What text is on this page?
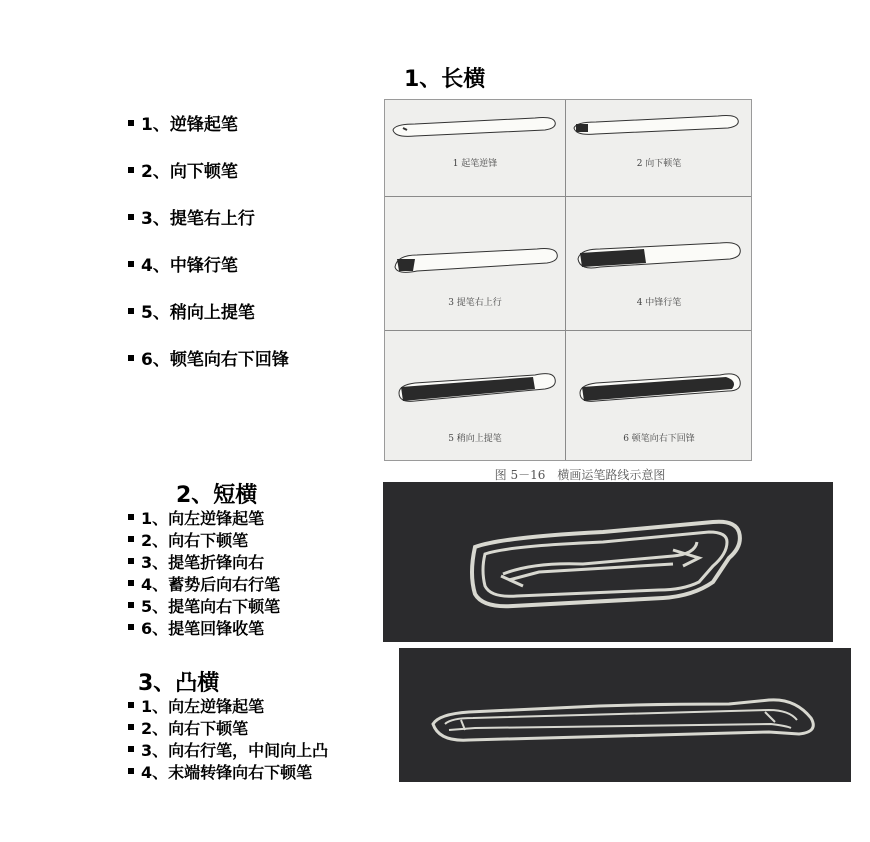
1、长横
1、逆锋起笔
2、向下顿笔
3、提笔右上行
4、中锋行笔
5、稍向上提笔
6、顿笔向右下回锋
1 起笔逆锋	2 向下顿笔
3 提笔右上行	4 中锋行笔
5 稍向上提笔	6 顿笔向右下回锋
图 5－16　横画运笔路线示意图
2、短横
1、向左逆锋起笔
2、向右下顿笔
3、提笔折锋向右
4、蓄势后向右行笔
5、提笔向右下顿笔
6、提笔回锋收笔
3、凸横
1、向左逆锋起笔
2、向右下顿笔
3、向右行笔，中间向上凸
4、末端转锋向右下顿笔
